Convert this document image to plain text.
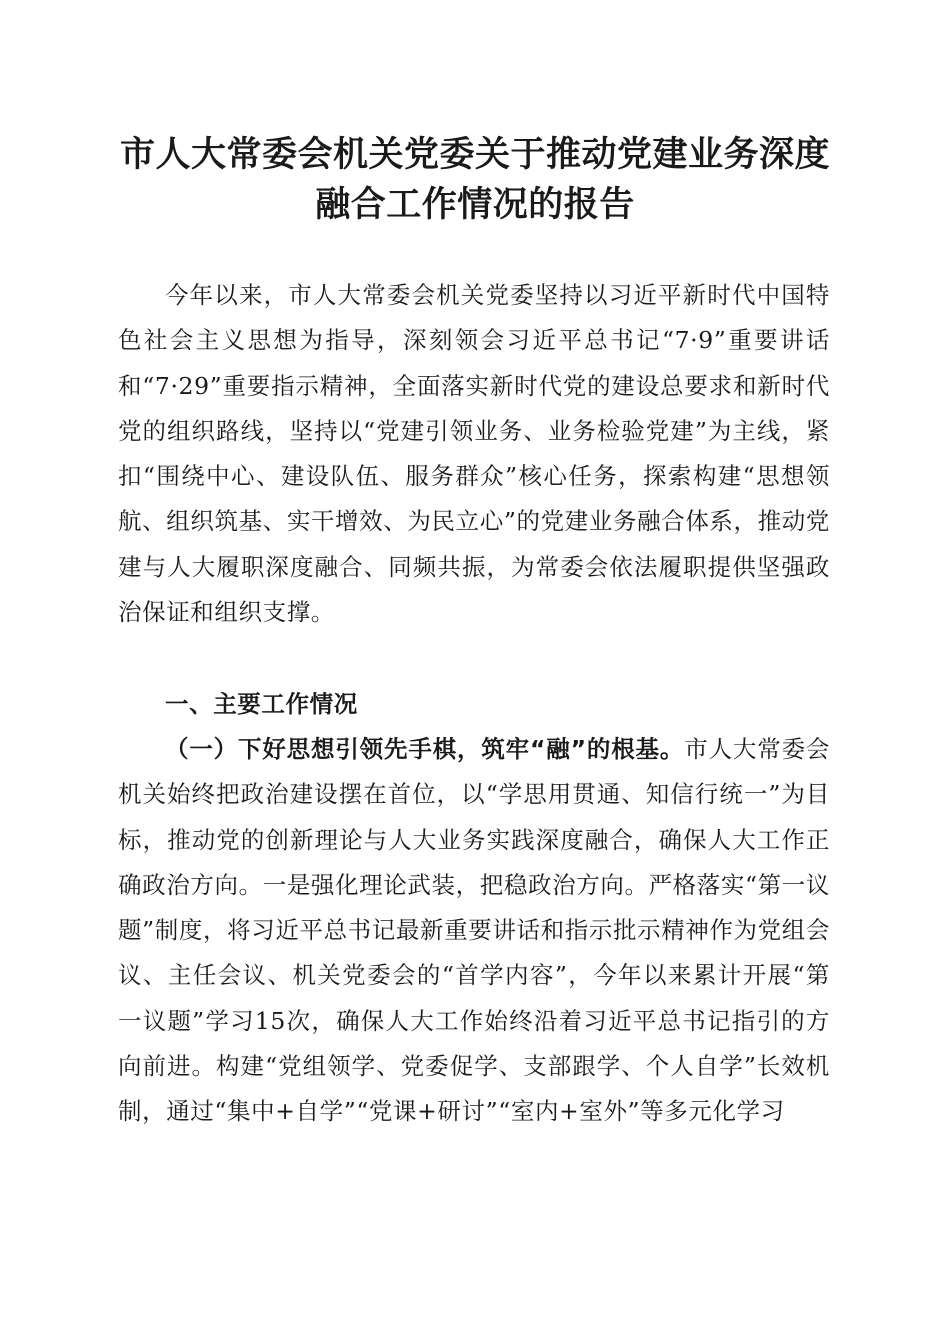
市人大常委会机关党委关于推动党建业务深度
融合工作情况的报告

今年以来，市人大常委会机关党委坚持以习近平新时代中国特色社会主义思想为指导，深刻领会习近平总书记“7·9”重要讲话和“7·29”重要指示精神，全面落实新时代党的建设总要求和新时代党的组织路线，坚持以“党建引领业务、业务检验党建”为主线，紧扣“围绕中心、建设队伍、服务群众”核心任务，探索构建“思想领航、组织筑基、实干增效、为民立心”的党建业务融合体系，推动党建与人大履职深度融合、同频共振，为常委会依法履职提供坚强政治保证和组织支撑。

一、主要工作情况

（一）下好思想引领先手棋，筑牢“融”的根基。市人大常委会机关始终把政治建设摆在首位，以“学思用贯通、知信行统一”为目标，推动党的创新理论与人大业务实践深度融合，确保人大工作正确政治方向。一是强化理论武装，把稳政治方向。严格落实“第一议题”制度，将习近平总书记最新重要讲话和指示批示精神作为党组会议、主任会议、机关党委会的“首学内容”，今年以来累计开展“第一议题”学习15次，确保人大工作始终沿着习近平总书记指引的方向前进。构建“党组领学、党委促学、支部跟学、个人自学”长效机制，通过“集中+自学”“党课+研讨”“室内+室外”等多元化学习
